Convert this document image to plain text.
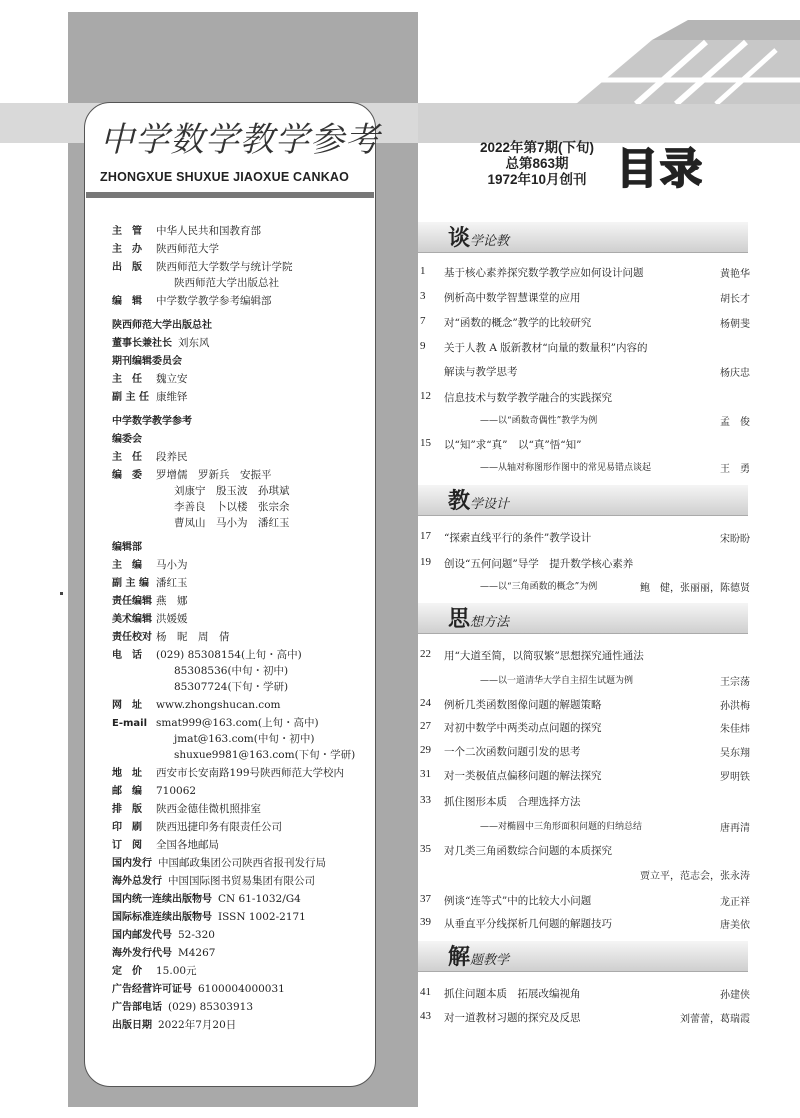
中学数学教学参考
ZHONGXUE SHUXUE JIAOXUE CANKAO
2022年第7期(下旬)
总第863期
1972年10月创刊 目录
主　管 中华人民共和国教育部
主　办 陕西师范大学
出　版 陕西师范大学数学与统计学院
陕西师范大学出版总社
编　辑 中学数学教学参考编辑部
陕西师范大学出版总社
董事长兼社长 刘东风
期刊编辑委员会
主　任 魏立安
副 主 任 康维铎
中学数学教学参考
编委会
主　任 段养民
编　委 罗增儒　罗新兵　安振平
刘康宁　殷玉波　孙琪斌
李善良　卜以楼　张宗余
曹凤山　马小为　潘红玉
编辑部
主　编 马小为
副 主 编 潘红玉
责任编辑 燕　娜
美术编辑 洪媛媛
责任校对 杨　昵　周　倩
电　话 (029) 85308154(上旬・高中)
85308536(中旬・初中)
85307724(下旬・学研)
网　址 www.zhongshucan.com
E-mail smat999@163.com(上旬・高中)
jmat@163.com(中旬・初中)
shuxue9981@163.com(下旬・学研)
地　址 西安市长安南路199号陕西师范大学校内
邮　编 710062
排　版 陕西金德佳微机照排室
印　刷 陕西迅捷印务有限责任公司
订　阅 全国各地邮局
国内发行 中国邮政集团公司陕西省报刊发行局
海外总发行 中国国际图书贸易集团有限公司
国内统一连续出版物号 CN 61-1032/G4
国际标准连续出版物号 ISSN 1002-2171
国内邮发代号 52-320
海外发行代号 M4267
定　价 15.00元
广告经营许可证号 6100004000031
广告部电话 (029) 85303913
出版日期 2022年7月20日
谈学论教
1	基于核心素养探究数学教学应如何设计问题	黄艳华
3	例析高中数学智慧课堂的应用	胡长才
7	对“函数的概念”教学的比较研究	杨朝斐
9	关于人教 A 版新教材“向量的数量积”内容的
解读与教学思考	杨庆忠
12	信息技术与数学教学融合的实践探究
——以“函数奇偶性”教学为例	孟　俊
15	以“知”求“真”　以“真”悟“知”
——从轴对称图形作图中的常见易错点谈起	王　勇
教学设计
17	“探索直线平行的条件”教学设计	宋盼盼
19	创设“五何问题”导学　提升数学核心素养
——以“三角函数的概念”为例	鲍　健，张丽丽，陈德贤
思想方法
22	用“大道至简，以简驭繁”思想探究通性通法
——以一道清华大学自主招生试题为例	王宗荡
24	例析几类函数图像问题的解题策略	孙洪梅
27	对初中数学中两类动点问题的探究	朱佳炜
29	一个二次函数问题引发的思考	吴东翔
31	对一类极值点偏移问题的解法探究	罗明铁
33	抓住图形本质　合理选择方法
——对椭圆中三角形面积问题的归纳总结	唐再清
35	对几类三角函数综合问题的本质探究
贾立平，范志会，张永涛
37	例谈“连等式”中的比较大小问题	龙正祥
39	从垂直平分线探析几何题的解题技巧	唐美依
解题教学
41	抓住问题本质　拓展改编视角	孙建侠
43	对一道教材习题的探究及反思	刘蕾蕾，葛瑞霞
